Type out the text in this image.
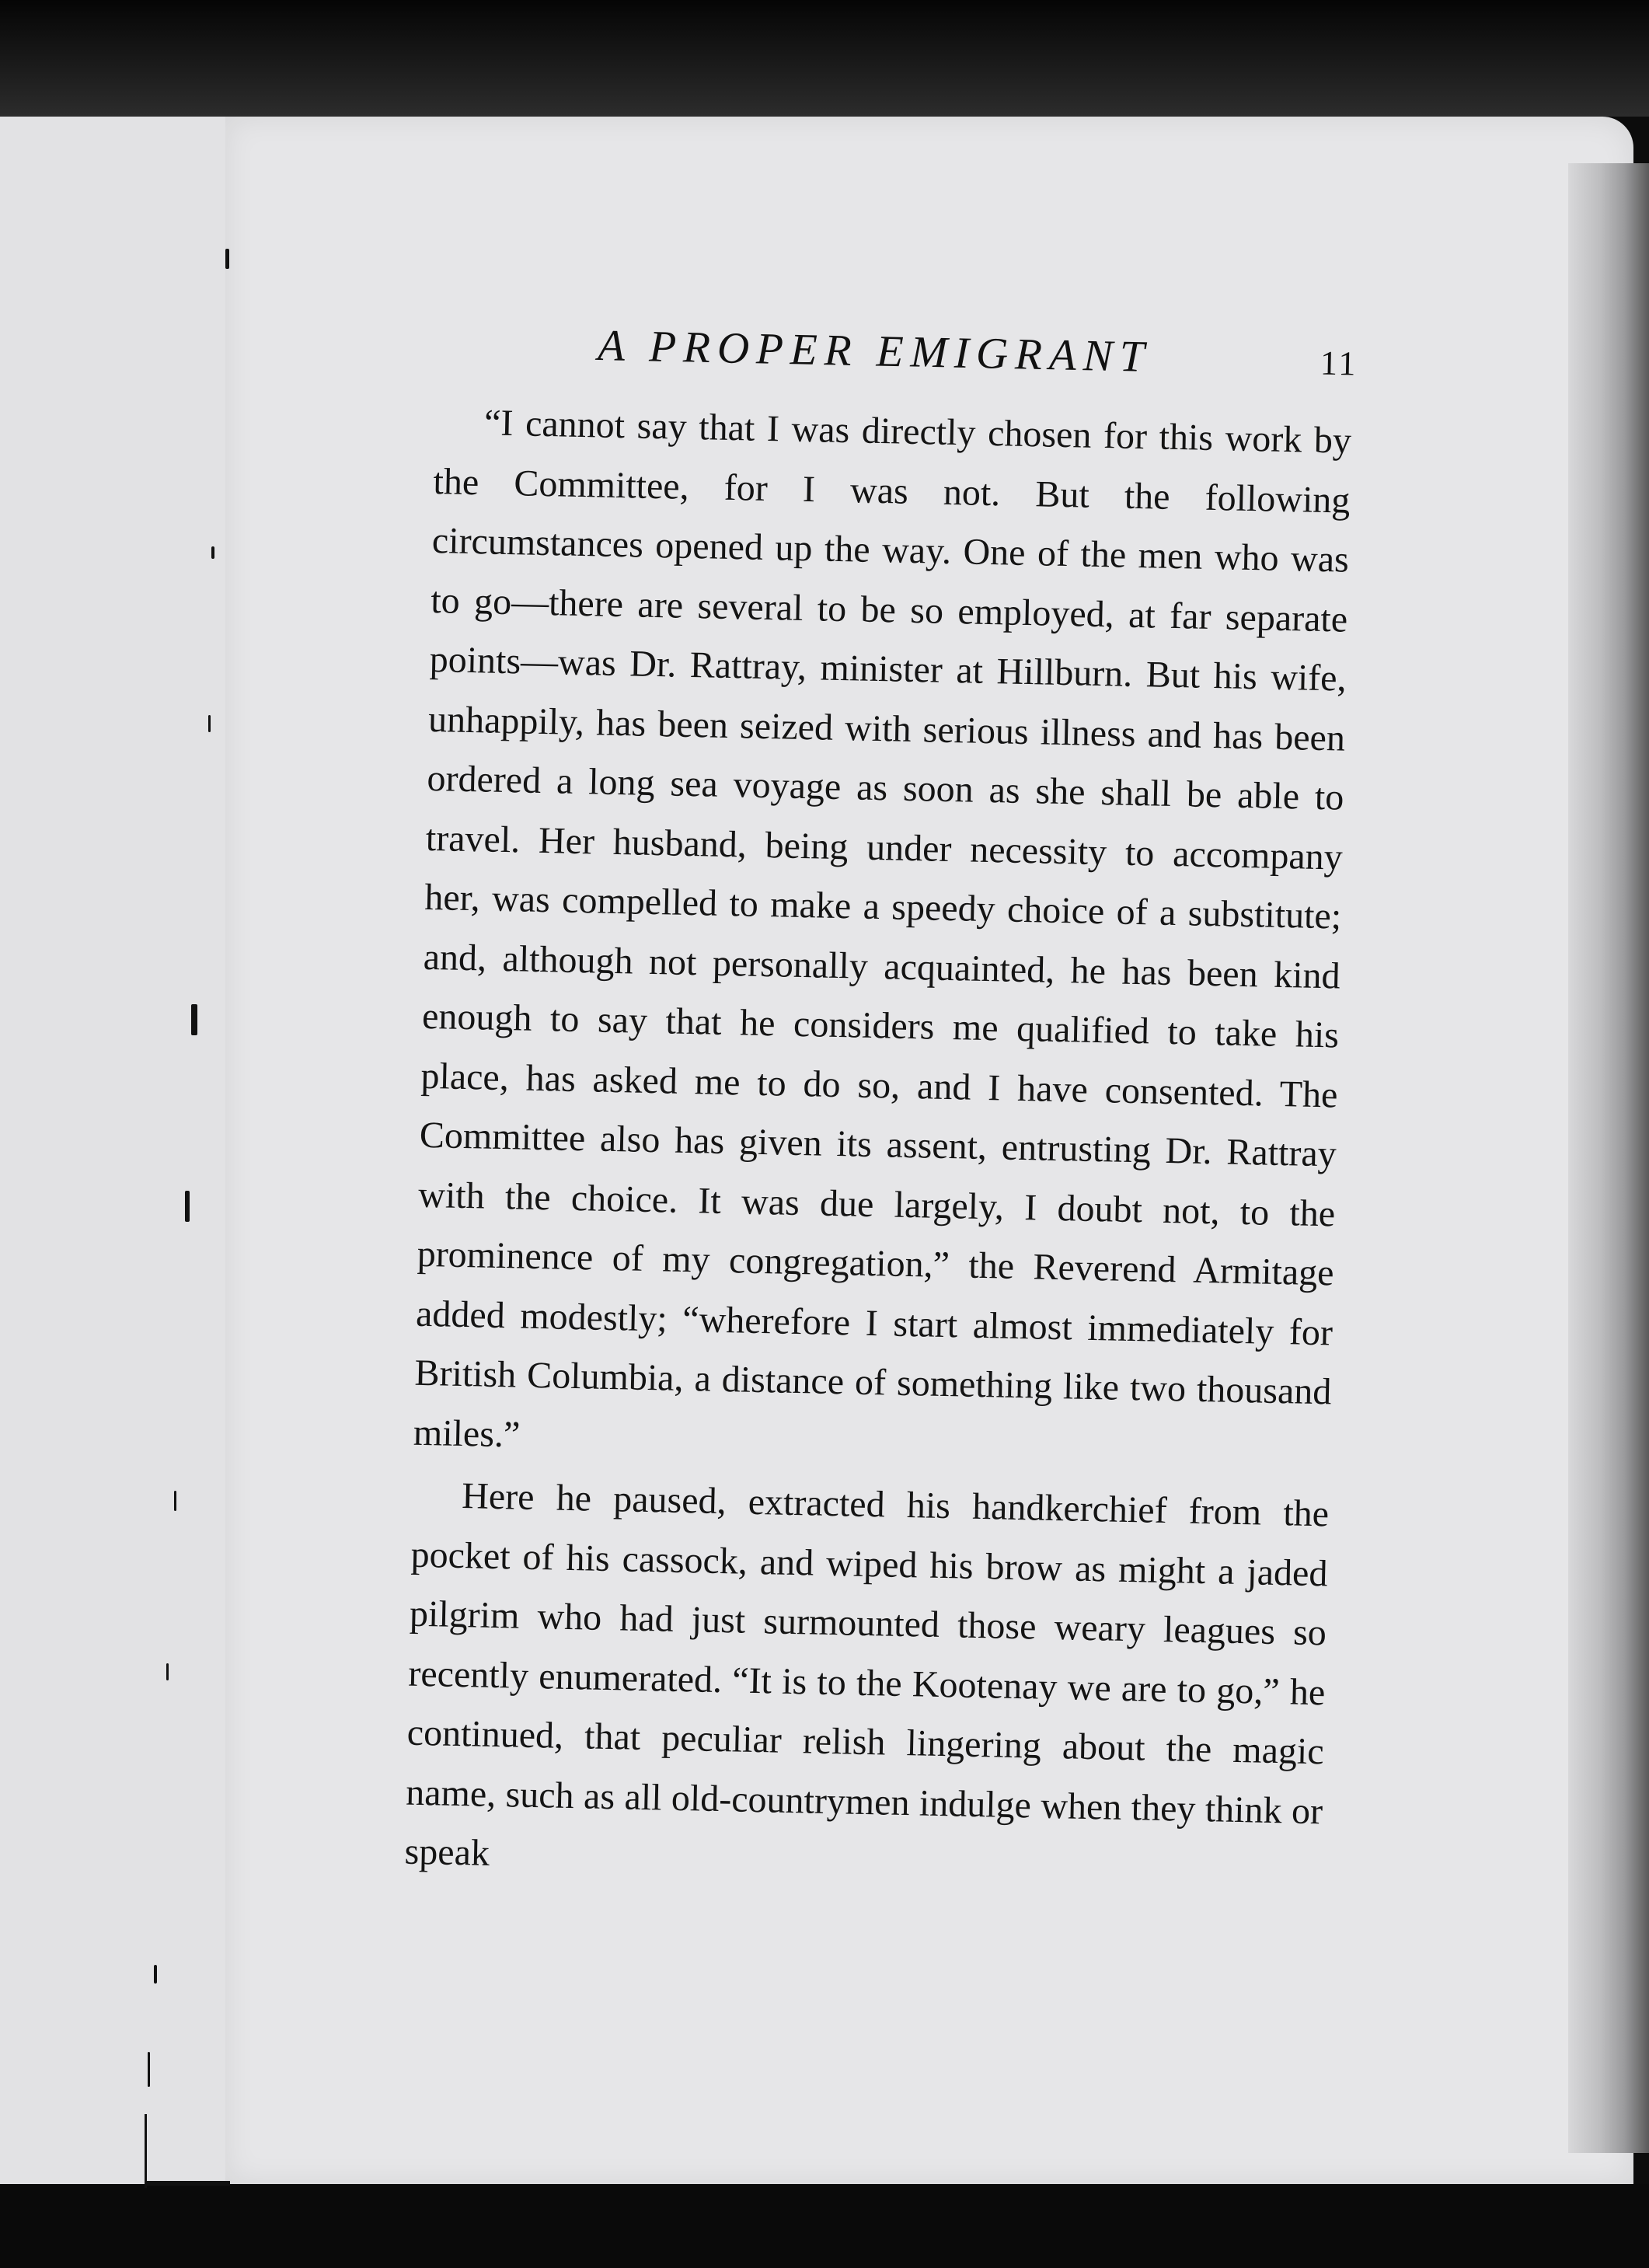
A PROPER EMIGRANT	11

“I cannot say that I was directly chosen for this work by the Committee, for I was not. But the following circumstances opened up the way. One of the men who was to go—there are several to be so employed, at far separate points—was Dr. Rattray, minister at Hillburn. But his wife, unhappily, has been seized with serious illness and has been ordered a long sea voyage as soon as she shall be able to travel. Her husband, being under necessity to accompany her, was compelled to make a speedy choice of a substitute; and, although not personally acquainted, he has been kind enough to say that he considers me qualified to take his place, has asked me to do so, and I have consented. The Committee also has given its assent, entrusting Dr. Rattray with the choice. It was due largely, I doubt not, to the prominence of my congregation,” the Reverend Armitage added modestly; “wherefore I start almost immediately for British Columbia, a distance of something like two thousand miles.”

Here he paused, extracted his handkerchief from the pocket of his cassock, and wiped his brow as might a jaded pilgrim who had just surmounted those weary leagues so recently enumerated. “It is to the Kootenay we are to go,” he continued, that peculiar relish lingering about the magic name, such as all old-countrymen indulge when they think or speak
